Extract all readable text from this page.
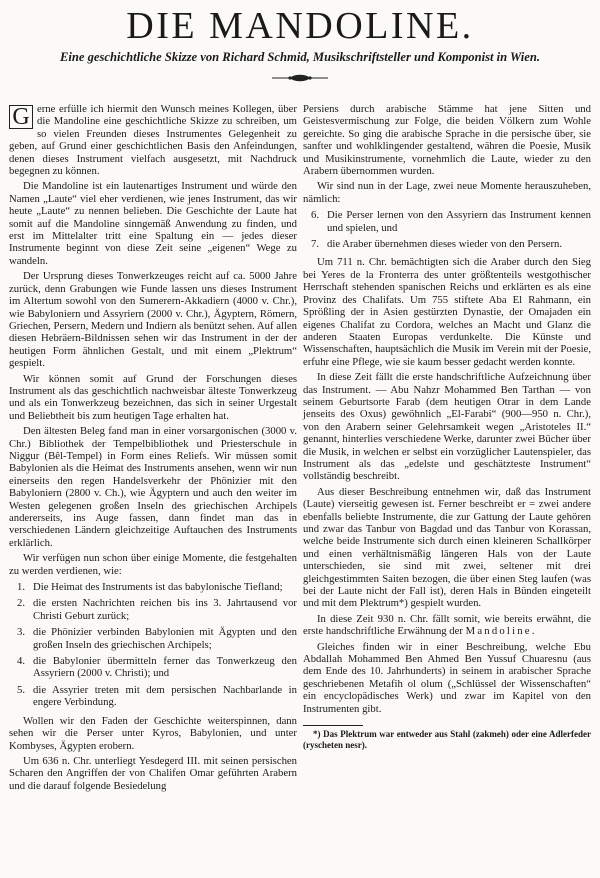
DIE MANDOLINE.
Eine geschichtliche Skizze von Richard Schmid, Musikschriftsteller und Komponist in Wien.

G erne erfülle ich hiermit den Wunsch meines Kollegen, über die Mandoline eine geschichtliche Skizze zu schreiben, um so vielen Freunden dieses Instrumentes Gelegenheit zu geben, auf Grund einer geschichtlichen Basis den Anfeindungen, denen dieses Instrument vielfach ausgesetzt, mit Nachdruck begegnen zu können.

Die Mandoline ist ein lautenartiges Instrument und würde den Namen „Laute“ viel eher verdienen, wie jenes Instrument, das wir heute „Laute“ zu nennen belieben. Die Geschichte der Laute hat somit auf die Mandoline sinngemäß Anwendung zu finden, und erst im Mittelalter tritt eine Spaltung ein — jedes dieser Instrumente beginnt von diese Zeit seine „eigenen“ Wege zu wandeln.

Der Ursprung dieses Tonwerkzeuges reicht auf ca. 5000 Jahre zurück, denn Grabungen wie Funde lassen uns dieses Instrument im Altertum sowohl von den Sumerern-Akkadiern (4000 v. Chr.), wie Babyloniern und Assyriern (2000 v. Chr.), Ägyptern, Römern, Griechen, Persern, Medern und Indiern als benützt sehen. Auf allen diesen Hebräern-Bildnissen sehen wir das Instrument in der der heutigen Form ähnlichen Gestalt, und mit einem „Plektrum“ gespielt.

Wir können somit auf Grund der Forschungen dieses Instrument als das geschichtlich nachweisbar älteste Tonwerkzeug und als ein Tonwerkzeug bezeichnen, das sich in seiner Urgestalt und Beliebtheit bis zum heutigen Tage erhalten hat.

Den ältesten Beleg fand man in einer vorsargonischen (3000 v. Chr.) Bibliothek der Tempelbibliothek und Priesterschule in Niggur (Bêl-Tempel) in Form eines Reliefs. Wir müssen somit Babylonien als die Heimat des Instruments ansehen, wenn wir nun einerseits den regen Handelsverkehr der Phönizier mit den Babyloniern (2800 v. Ch.), wie Ägyptern und auch den weiter im Westen gelegenen großen Inseln des griechischen Archipels andererseits, ins Auge fassen, dann findet man das in verschiedenen Ländern gleichzeitige Auftauchen des Instruments erklärlich.

Wir verfügen nun schon über einige Momente, die festgehalten zu werden verdienen, wie:

1. Die Heimat des Instruments ist das babylonische Tiefland;
2. die ersten Nachrichten reichen bis ins 3. Jahrtausend vor Christi Geburt zurück;
3. die Phönizier verbinden Babylonien mit Ägypten und den großen Inseln des griechischen Archipels;
4. die Babylonier übermitteln ferner das Tonwerkzeug den Assyriern (2000 v. Christi); und
5. die Assyrier treten mit dem persischen Nachbarlande in engere Verbindung.

Wollen wir den Faden der Geschichte weiterspinnen, dann sehen wir die Perser unter Kyros, Babylonien, und unter Kombyses, Ägypten erobern.

Um 636 n. Chr. unterliegt Yesdegerd III. mit seinen persischen Scharen den Angriffen der von Chalifen Omar geführten Arabern und die darauf folgende Besiedelung

Persiens durch arabische Stämme hat jene Sitten und Geistesvermischung zur Folge, die beiden Völkern zum Wohle gereichte. So ging die arabische Sprache in die persische über, sie sanfter und wohlklingender gestaltend, währen die Poesie, Musik und Musikinstrumente, vornehmlich die Laute, wieder zu den Arabern übernommen wurden.

Wir sind nun in der Lage, zwei neue Momente herauszuheben, nämlich:

6. Die Perser lernen von den Assyriern das Instrument kennen und spielen, und
7. die Araber übernehmen dieses wieder von den Persern.

Um 711 n. Chr. bemächtigten sich die Araber durch den Sieg bei Yeres de la Fronterra des unter größtenteils westgothischer Herrschaft stehenden spanischen Reichs und erklärten es als eine Provinz des Chalifats. Um 755 stiftete Aba El Rahmann, ein Sprößling der in Asien gestürzten Dynastie, der Omajaden ein eigenes Chalifat zu Cordora, welches an Macht und Glanz die anderen Staaten Europas verdunkelte. Die Künste und Wissenschaften, hauptsächlich die Musik im Verein mit der Poesie, erfuhr eine Pflege, wie sie kaum besser gedacht werden konnte.

In diese Zeit fällt die erste handschriftliche Aufzeichnung über das Instrument. — Abu Nahzr Mohammed Ben Tarthan — von seinem Geburtsorte Farab (dem heutigen Otrar in dem Lande jenseits des Oxus) gewöhnlich „El-Farabi“ (900—950 n. Chr.), von den Arabern seiner Gelehrsamkeit wegen „Aristoteles II.“ genannt, hinterlies verschiedene Werke, darunter zwei Bücher über die Musik, in welchen er selbst ein vorzüglicher Lautenspieler, das Instrument als das „edelste und geschätzteste Instrument“ vollständig beschreibt.

Aus dieser Beschreibung entnehmen wir, daß das Instrument (Laute) vierseitig gewesen ist. Ferner beschreibt er = zwei andere ebenfalls beliebte Instrumente, die zur Gattung der Laute gehören und zwar das Tanbur von Bagdad und das Tanbur von Korassan, welche beide Instrumente sich durch einen kleineren Schallkörper und einen verhältnismäßig längeren Hals von der Laute unterschieden, sie sind mit zwei, seltener mit drei gleichgestimmten Saiten bezogen, die über einen Steg laufen (was bei der Laute nicht der Fall ist), deren Hals in Bünden eingeteilt und mit dem Plektrum*) gespielt wurden.

In diese Zeit 930 n. Chr. fällt somit, wie bereits erwähnt, die erste handschriftliche Erwähnung der Mandoline.

Gleiches finden wir in einer Beschreibung, welche Ebu Abdallah Mohammed Ben Ahmed Ben Yussuf Chuaresnu (aus dem Ende des 10. Jahrhunderts) in seinem in arabischer Sprache geschriebenen Metafih ol olum („Schlüssel der Wissenschaften“ ein encyclopädisches Werk) und zwar im Kapitel von den Instrumenten gibt.

*) Das Plektrum war entweder aus Stahl (zakmeh) oder eine Adlerfeder (ryscheten nesr).
